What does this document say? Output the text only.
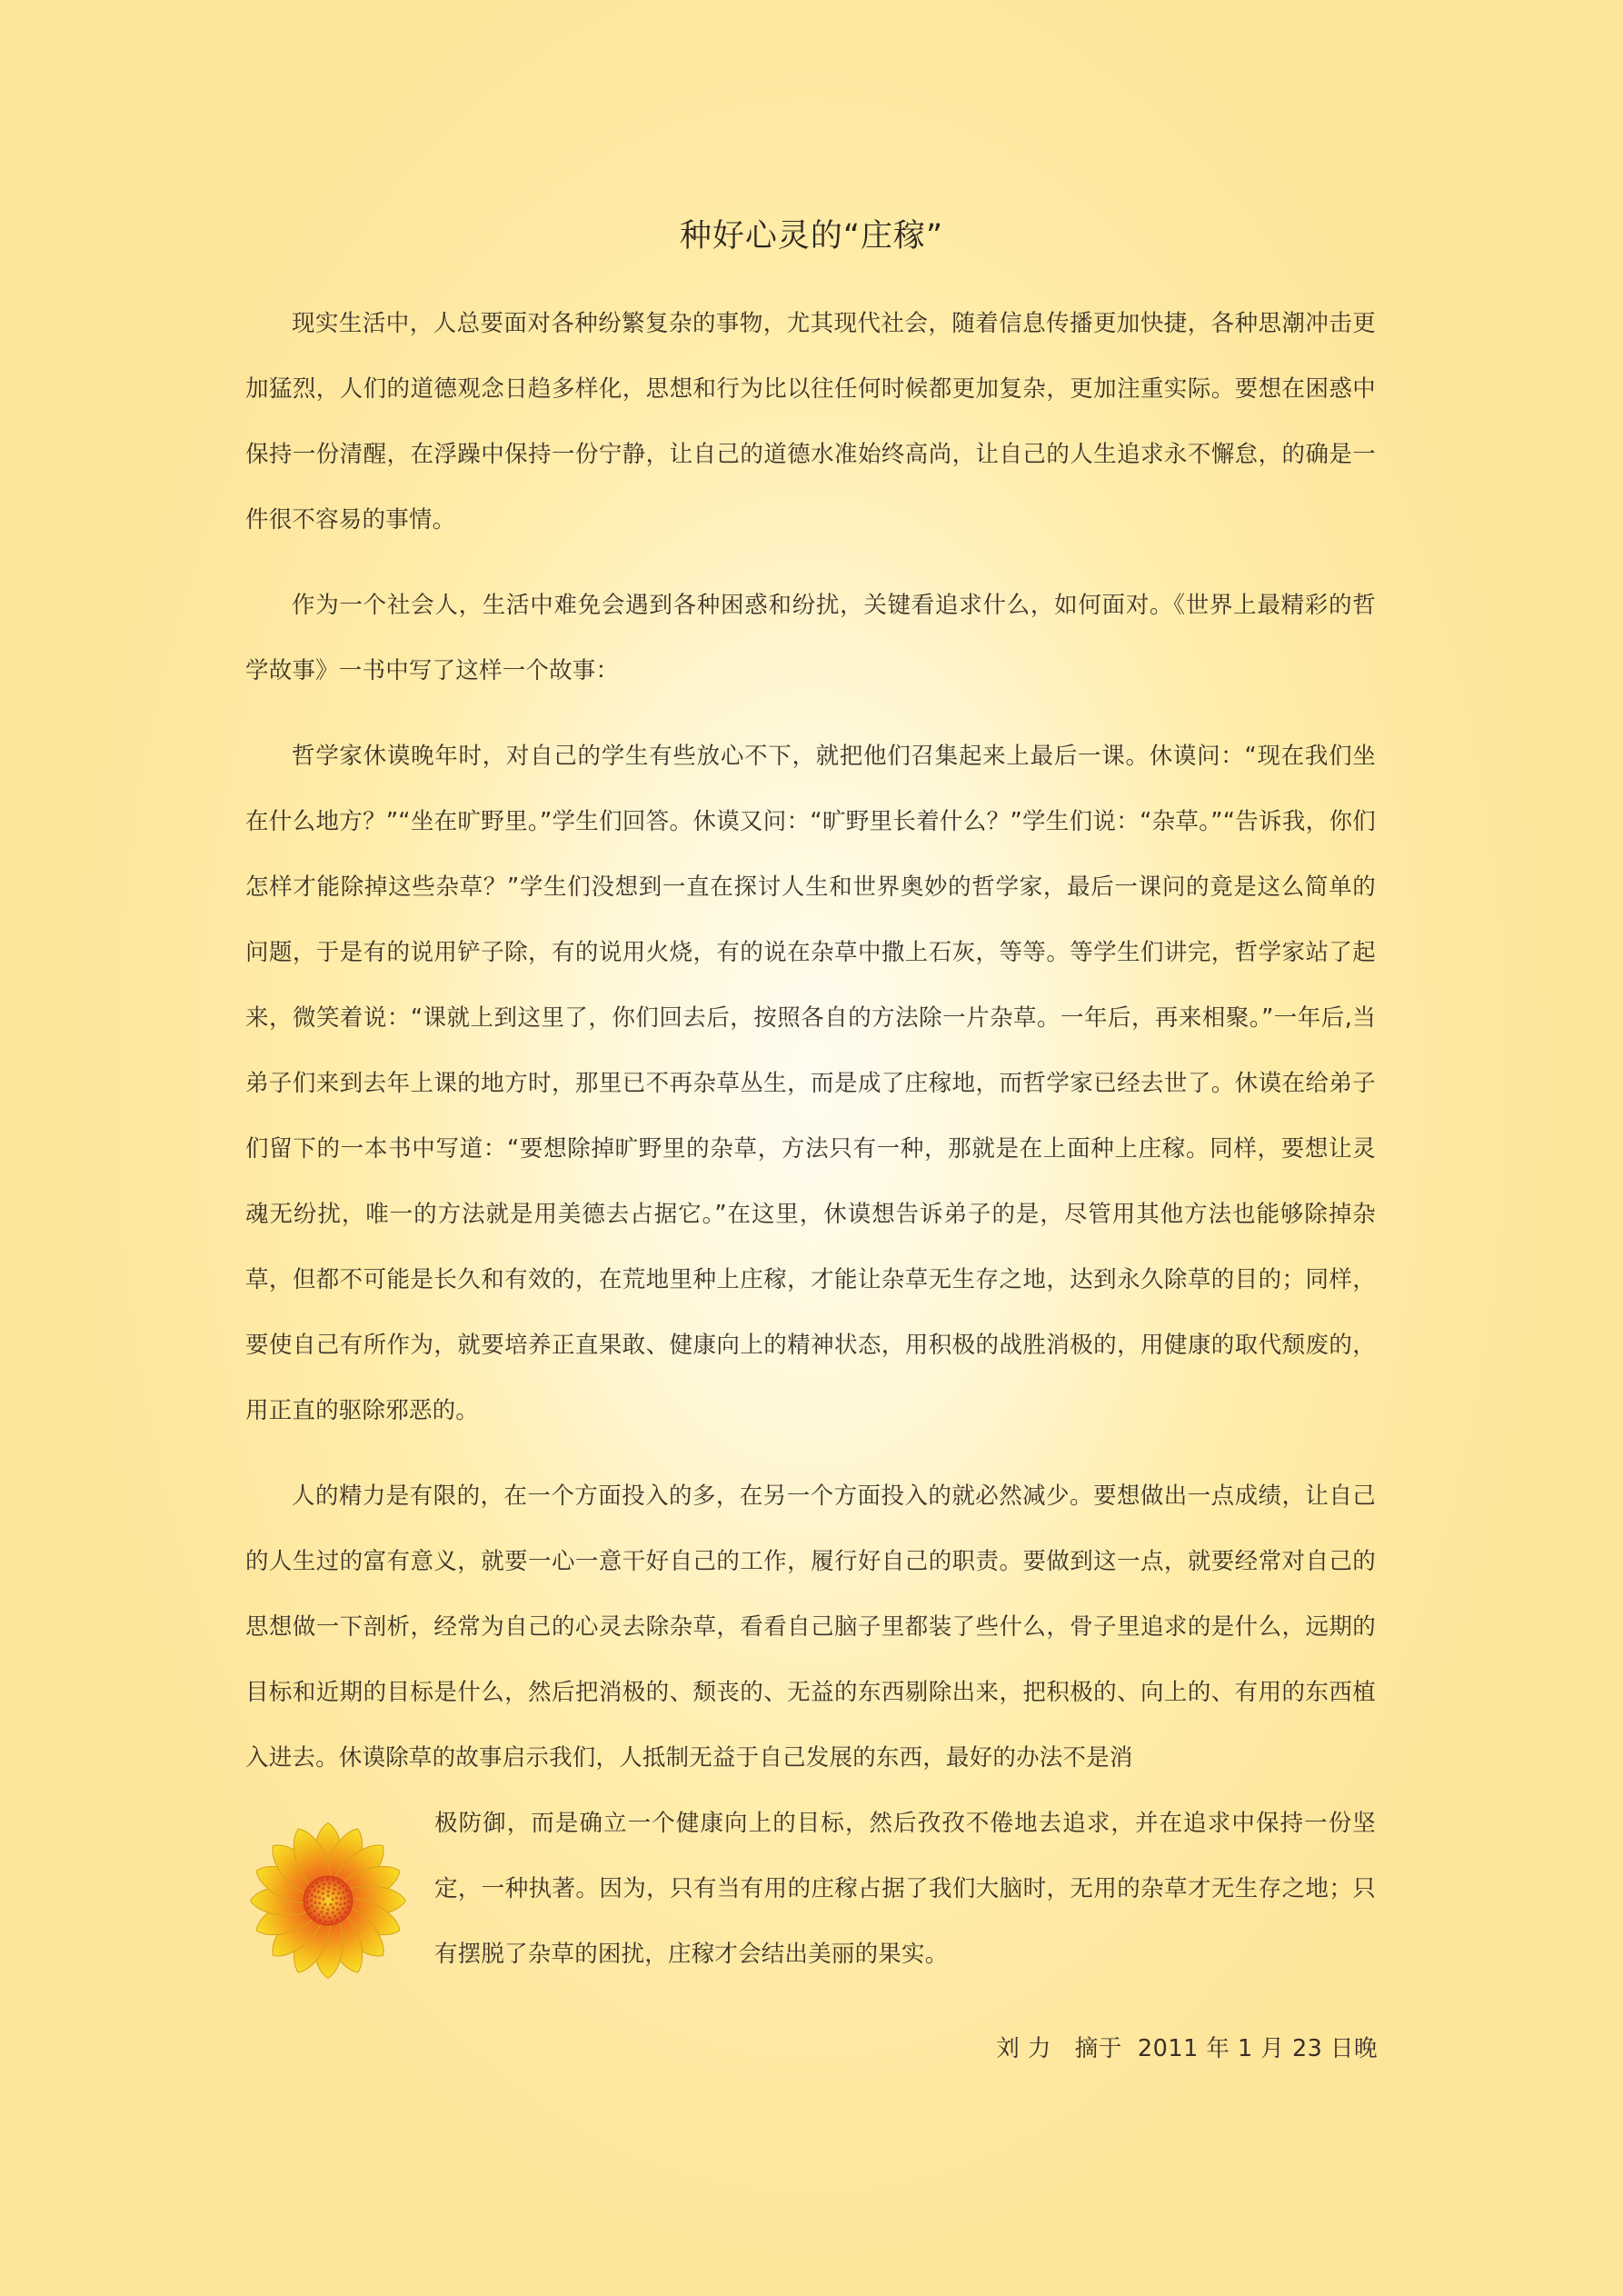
种好心灵的“庄稼”

现实生活中，人总要面对各种纷繁复杂的事物，尤其现代社会，随着信息传播更加快捷，各种思潮冲击更加猛烈，人们的道德观念日趋多样化，思想和行为比以往任何时候都更加复杂，更加注重实际。要想在困惑中保持一份清醒，在浮躁中保持一份宁静，让自己的道德水准始终高尚，让自己的人生追求永不懈怠，的确是一件很不容易的事情。

作为一个社会人，生活中难免会遇到各种困惑和纷扰，关键看追求什么，如何面对。《世界上最精彩的哲学故事》一书中写了这样一个故事：

哲学家休谟晚年时，对自己的学生有些放心不下，就把他们召集起来上最后一课。休谟问：“现在我们坐在什么地方？”“坐在旷野里。”学生们回答。休谟又问：“旷野里长着什么？”学生们说：“杂草。”“告诉我，你们怎样才能除掉这些杂草？”学生们没想到一直在探讨人生和世界奥妙的哲学家，最后一课问的竟是这么简单的问题，于是有的说用铲子除，有的说用火烧，有的说在杂草中撒上石灰，等等。等学生们讲完，哲学家站了起来，微笑着说：“课就上到这里了，你们回去后，按照各自的方法除一片杂草。一年后，再来相聚。”一年后,当弟子们来到去年上课的地方时，那里已不再杂草丛生，而是成了庄稼地，而哲学家已经去世了。休谟在给弟子们留下的一本书中写道：“要想除掉旷野里的杂草，方法只有一种，那就是在上面种上庄稼。同样，要想让灵魂无纷扰，唯一的方法就是用美德去占据它。”在这里，休谟想告诉弟子的是，尽管用其他方法也能够除掉杂草，但都不可能是长久和有效的，在荒地里种上庄稼，才能让杂草无生存之地，达到永久除草的目的；同样，要使自己有所作为，就要培养正直果敢、健康向上的精神状态，用积极的战胜消极的，用健康的取代颓废的，用正直的驱除邪恶的。

人的精力是有限的，在一个方面投入的多，在另一个方面投入的就必然减少。要想做出一点成绩，让自己的人生过的富有意义，就要一心一意干好自己的工作，履行好自己的职责。要做到这一点，就要经常对自己的思想做一下剖析，经常为自己的心灵去除杂草，看看自己脑子里都装了些什么，骨子里追求的是什么，远期的目标和近期的目标是什么，然后把消极的、颓丧的、无益的东西剔除出来，把积极的、向上的、有用的东西植入进去。休谟除草的故事启示我们，人抵制无益于自己发展的东西，最好的办法不是消

极防御，而是确立一个健康向上的目标，然后孜孜不倦地去追求，并在追求中保持一份坚定，一种执著。因为，只有当有用的庄稼占据了我们大脑时，无用的杂草才无生存之地；只有摆脱了杂草的困扰，庄稼才会结出美丽的果实。

刘 力   摘于  2011 年 1 月 23 日晚
